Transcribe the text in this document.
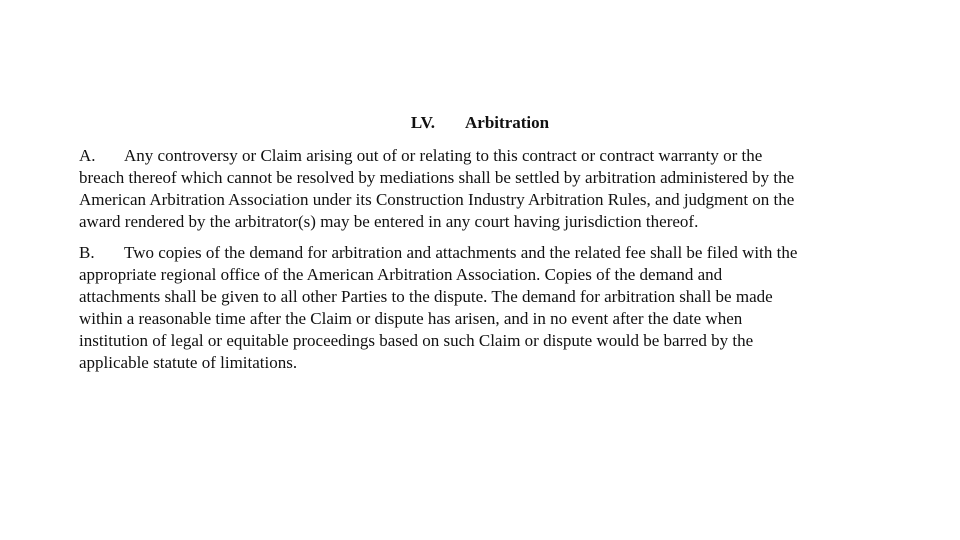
LV. Arbitration
A. Any controversy or Claim arising out of or relating to this contract or contract warranty or the
breach thereof which cannot be resolved by mediations shall be settled by arbitration administered by the
American Arbitration Association under its Construction Industry Arbitration Rules, and judgment on the
award rendered by the arbitrator(s) may be entered in any court having jurisdiction thereof.
B. Two copies of the demand for arbitration and attachments and the related fee shall be filed with the
appropriate regional office of the American Arbitration Association. Copies of the demand and
attachments shall be given to all other Parties to the dispute. The demand for arbitration shall be made
within a reasonable time after the Claim or dispute has arisen, and in no event after the date when
institution of legal or equitable proceedings based on such Claim or dispute would be barred by the
applicable statute of limitations.
